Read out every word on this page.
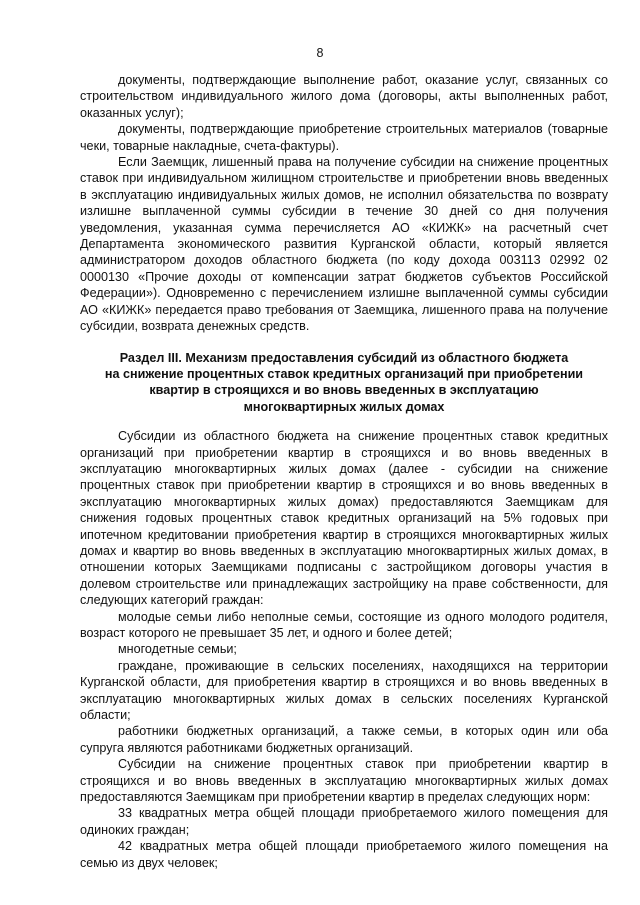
8

документы, подтверждающие выполнение работ, оказание услуг, связанных со строительством индивидуального жилого дома (договоры, акты выполненных работ, оказанных услуг);

документы, подтверждающие приобретение строительных материалов (товарные чеки, товарные накладные, счета-фактуры).

Если Заемщик, лишенный права на получение субсидии на снижение процентных ставок при индивидуальном жилищном строительстве и приобретении вновь введенных в эксплуатацию индивидуальных жилых домов, не исполнил обязательства по возврату излишне выплаченной суммы субсидии в течение 30 дней со дня получения уведомления, указанная сумма перечисляется АО «КИЖК» на расчетный счет Департамента экономического развития Курганской области, который является администратором доходов областного бюджета (по коду дохода 003113 02992 02 0000130 «Прочие доходы от компенсации затрат бюджетов субъектов Российской Федерации»). Одновременно с перечислением излишне выплаченной суммы субсидии АО «КИЖК» передается право требования от Заемщика, лишенного права на получение субсидии, возврата денежных средств.

Раздел III. Механизм предоставления субсидий из областного бюджета
на снижение процентных ставок кредитных организаций при приобретении
квартир в строящихся и во вновь введенных в эксплуатацию
многоквартирных жилых домах

Субсидии из областного бюджета на снижение процентных ставок кредитных организаций при приобретении квартир в строящихся и во вновь введенных в эксплуатацию многоквартирных жилых домах (далее - субсидии на снижение процентных ставок при приобретении квартир в строящихся и во вновь введенных в эксплуатацию многоквартирных жилых домах) предоставляются Заемщикам для снижения годовых процентных ставок кредитных организаций на 5% годовых при ипотечном кредитовании приобретения квартир в строящихся многоквартирных жилых домах и квартир во вновь введенных в эксплуатацию многоквартирных жилых домах, в отношении которых Заемщиками подписаны с застройщиком договоры участия в долевом строительстве или принадлежащих застройщику на праве собственности, для следующих категорий граждан:

молодые семьи либо неполные семьи, состоящие из одного молодого родителя, возраст которого не превышает 35 лет, и одного и более детей;

многодетные семьи;

граждане, проживающие в сельских поселениях, находящихся на территории Курганской области, для приобретения квартир в строящихся и во вновь введенных в эксплуатацию многоквартирных жилых домах в сельских поселениях Курганской области;

работники бюджетных организаций, а также семьи, в которых один или оба супруга являются работниками бюджетных организаций.

Субсидии на снижение процентных ставок при приобретении квартир в строящихся и во вновь введенных в эксплуатацию многоквартирных жилых домах предоставляются Заемщикам при приобретении квартир в пределах следующих норм:

33 квадратных метра общей площади приобретаемого жилого помещения для одиноких граждан;

42 квадратных метра общей площади приобретаемого жилого помещения на семью из двух человек;
